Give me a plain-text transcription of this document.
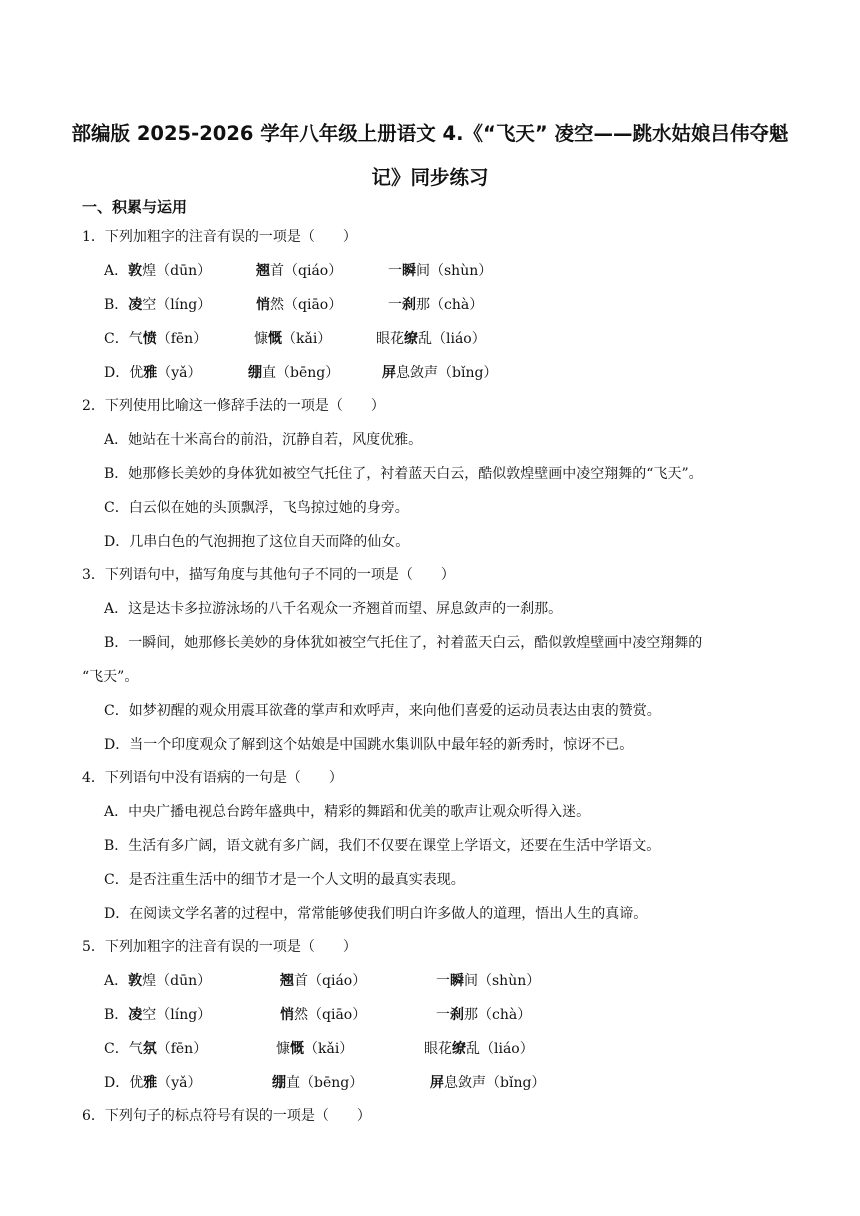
部编版 2025-2026 学年八年级上册语文 4.《“飞天” 凌空——跳水姑娘吕伟夺魁
记》同步练习
一、积累与运用
1．下列加粗字的注音有误的一项是（　　）
A．敦煌（dūn）	翘首（qiáo）	一瞬间（shùn）
B．凌空（líng）	悄然（qiāo）	一刹那（chà）
C．气愤（fēn）	慷慨（kǎi）	眼花缭乱（liáo）
D．优雅（yǎ）	绷直（bēng）	屏息敛声（bǐng）
2．下列使用比喻这一修辞手法的一项是（　　）
A．她站在十米高台的前沿，沉静自若，风度优雅。
B．她那修长美妙的身体犹如被空气托住了，衬着蓝天白云，酷似敦煌壁画中凌空翔舞的“飞天”。
C．白云似在她的头顶飘浮，飞鸟掠过她的身旁。
D．几串白色的气泡拥抱了这位自天而降的仙女。
3．下列语句中，描写角度与其他句子不同的一项是（　　）
A．这是达卡多拉游泳场的八千名观众一齐翘首而望、屏息敛声的一刹那。
B．一瞬间，她那修长美妙的身体犹如被空气托住了，衬着蓝天白云，酷似敦煌壁画中凌空翔舞的
“飞天”。
C．如梦初醒的观众用震耳欲聋的掌声和欢呼声，来向他们喜爱的运动员表达由衷的赞赏。
D．当一个印度观众了解到这个姑娘是中国跳水集训队中最年轻的新秀时，惊讶不已。
4．下列语句中没有语病的一句是（　　）
A．中央广播电视总台跨年盛典中，精彩的舞蹈和优美的歌声让观众听得入迷。
B．生活有多广阔，语文就有多广阔，我们不仅要在课堂上学语文，还要在生活中学语文。
C．是否注重生活中的细节才是一个人文明的最真实表现。
D．在阅读文学名著的过程中，常常能够使我们明白许多做人的道理，悟出人生的真谛。
5．下列加粗字的注音有误的一项是（　　）
A．敦煌（dūn）	翘首（qiáo）	一瞬间（shùn）
B．凌空（líng）	悄然（qiāo）	一刹那（chà）
C．气氛（fēn）	慷慨（kǎi）	眼花缭乱（liáo）
D．优雅（yǎ）	绷直（bēng）	屏息敛声（bǐng）
6．下列句子的标点符号有误的一项是（　　）
